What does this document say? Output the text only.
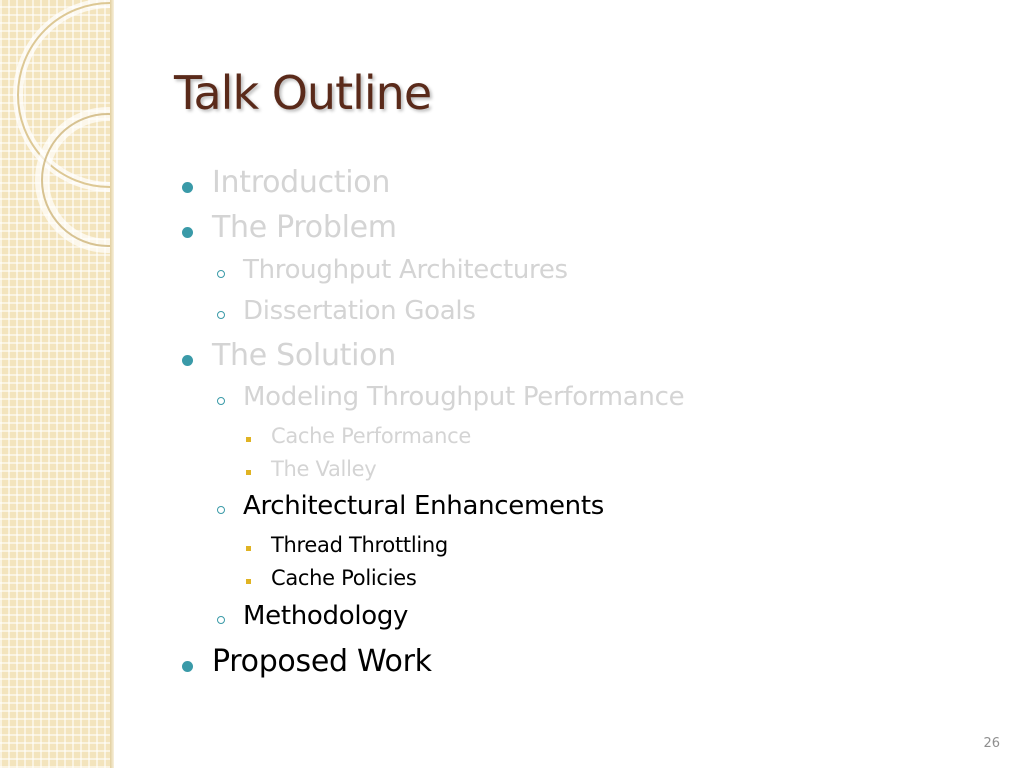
Talk Outline
Introduction
The Problem
Throughput Architectures
Dissertation Goals
The Solution
Modeling Throughput Performance
Cache Performance
The Valley
Architectural Enhancements
Thread Throttling
Cache Policies
Methodology
Proposed Work
26
